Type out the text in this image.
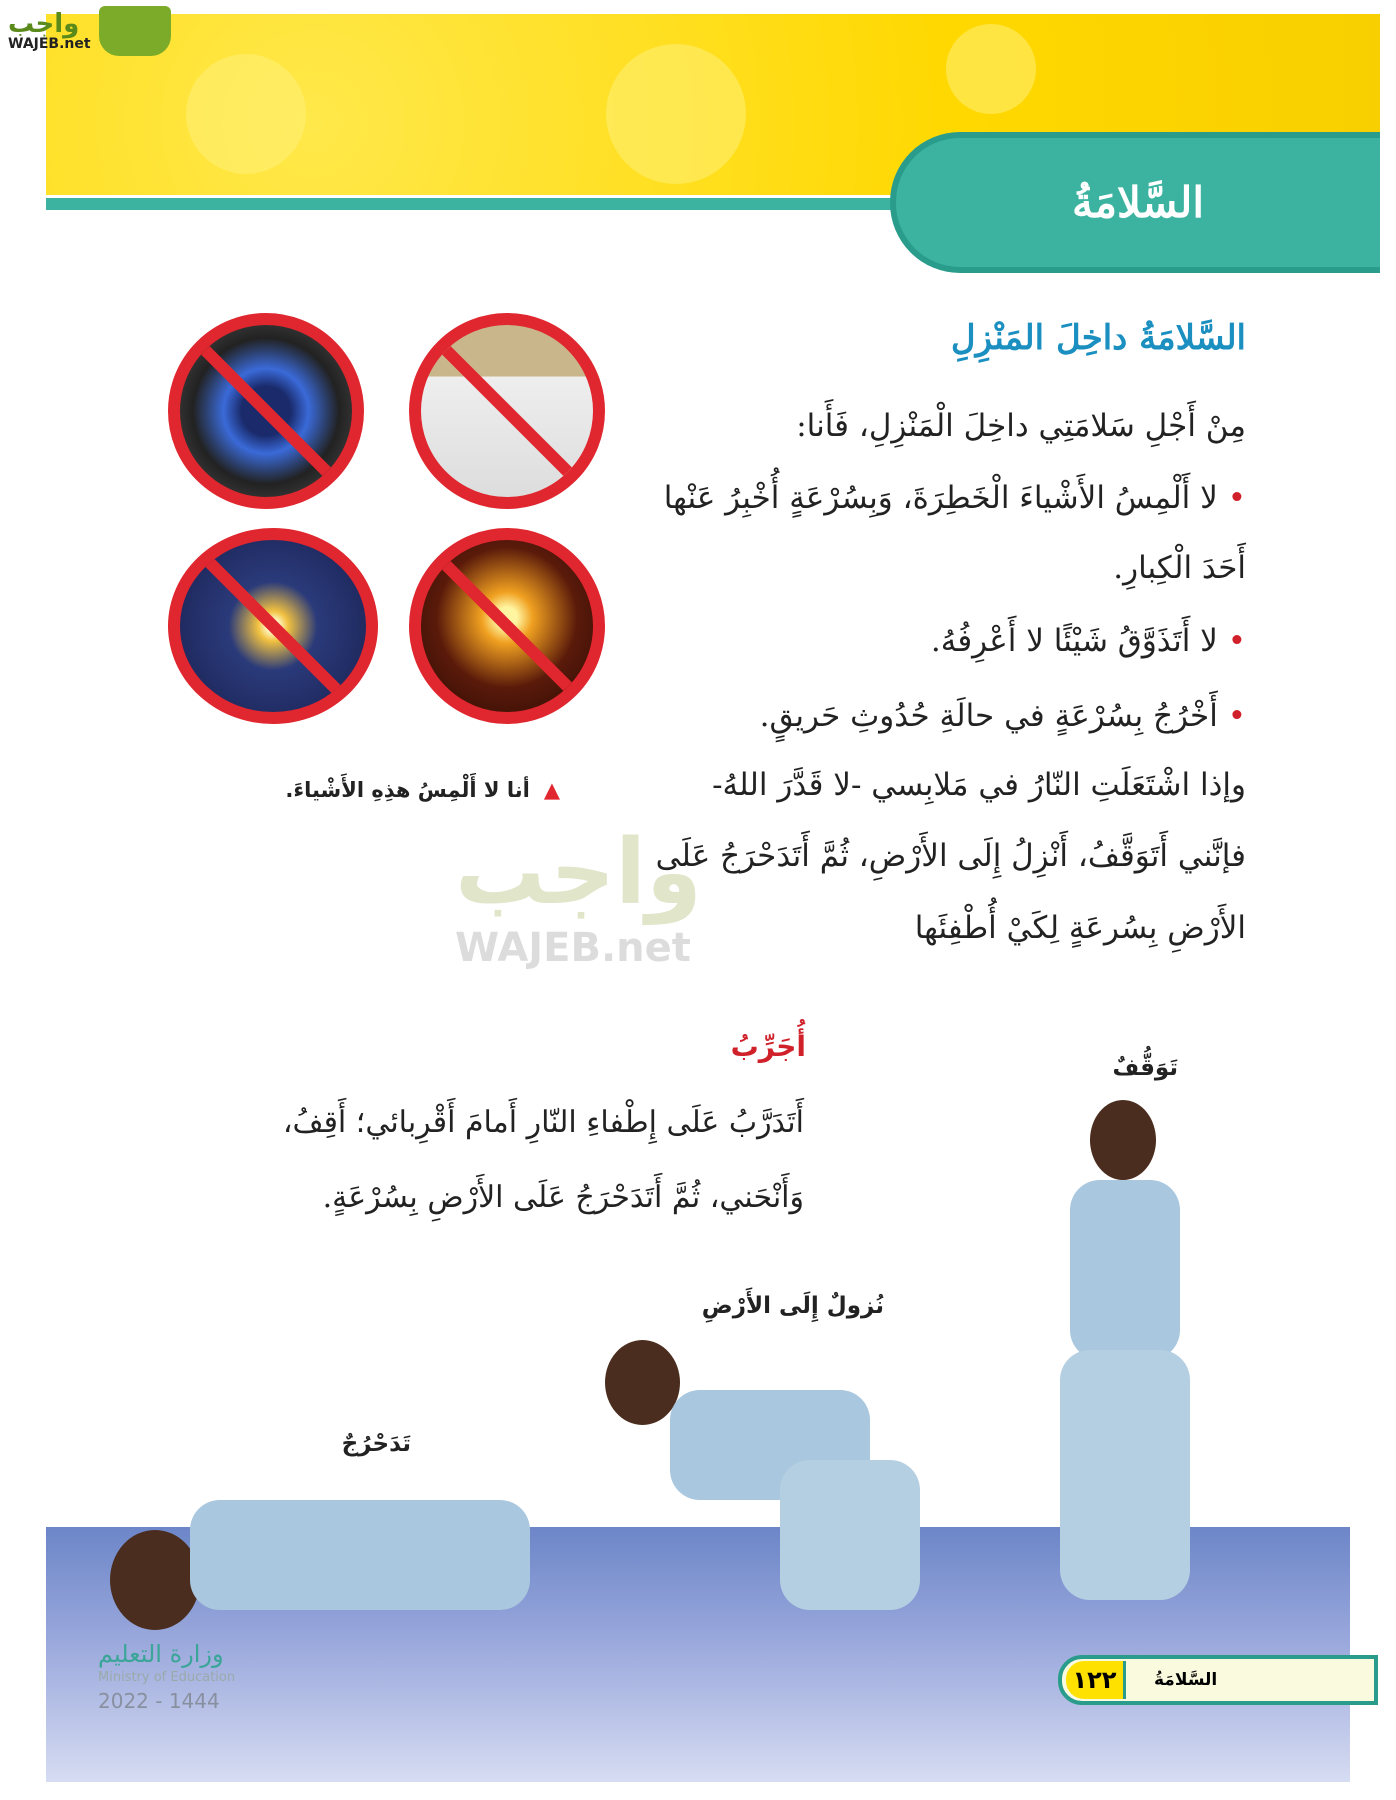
السَّلامَةُ
واجب
WAJEB.net
السَّلامَةُ داخِلَ المَنْزِلِ
مِنْ أَجْلِ سَلامَتِي داخِلَ الْمَنْزِلِ، فَأَنا:
• لا أَلْمِسُ الأَشْياءَ الْخَطِرَةَ، وَبِسُرْعَةٍ أُخْبِرُ عَنْها
أَحَدَ الْكِبارِ.
• لا أَتَذَوَّقُ شَيْئًا لا أَعْرِفُهُ.
• أَخْرُجُ بِسُرْعَةٍ في حالَةِ حُدُوثِ حَريقٍ.
وإذا اشْتَعَلَتِ النّارُ في مَلابِسي -لا قَدَّرَ اللهُ-
فإنَّني أَتَوَقَّفُ، أَنْزِلُ إِلَى الأَرْضِ، ثُمَّ أَتَدَحْرَجُ عَلَى
الأَرْضِ بِسُرعَةٍ لِكَيْ أُطْفِئَها
▲أنا لا أَلْمِسُ هذِهِ الأَشْياءَ.
واجب
WAJEB.net
أُجَرِّبُ
أَتَدَرَّبُ عَلَى إِطْفاءِ النّارِ أَمامَ أَقْرِبائي؛ أَقِفُ،
وَأَنْحَني، ثُمَّ أَتَدَحْرَجُ عَلَى الأَرْضِ بِسُرْعَةٍ.
تَوَقُّفٌ
نُزولٌ إِلَى الأَرْضِ
تَدَحْرُجٌ
وزارة التعليم
Ministry of Education
2022 - 1444
١٢٢	السَّلامَةُ
